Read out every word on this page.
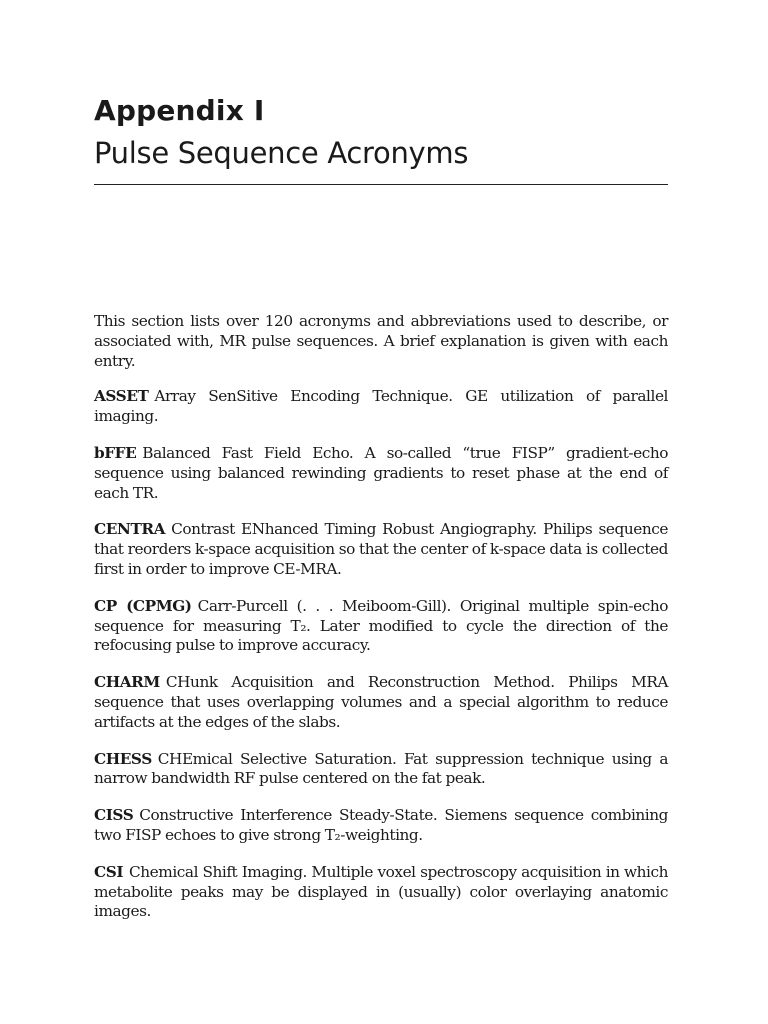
Appendix I
Pulse Sequence Acronyms

This section lists over 120 acronyms and abbreviations used to describe, or associated with, MR pulse sequences. A brief explanation is given with each entry.

ASSET Array SenSitive Encoding Technique. GE utilization of parallel imaging.

bFFE Balanced Fast Field Echo. A so-called “true FISP” gradient-echo sequence using balanced rewinding gradients to reset phase at the end of each TR.

CENTRA Contrast ENhanced Timing Robust Angiography. Philips sequence that reorders k-space acquisition so that the center of k-space data is collected first in order to improve CE-MRA.

CP (CPMG) Carr-Purcell (. . . Meiboom-Gill). Original multiple spin-echo sequence for measuring T₂. Later modified to cycle the direction of the refocusing pulse to improve accuracy.

CHARM CHunk Acquisition and Reconstruction Method. Philips MRA sequence that uses overlapping volumes and a special algorithm to reduce artifacts at the edges of the slabs.

CHESS CHEmical Selective Saturation. Fat suppression technique using a narrow bandwidth RF pulse centered on the fat peak.

CISS Constructive Interference Steady-State. Siemens sequence combining two FISP echoes to give strong T₂-weighting.

CSI Chemical Shift Imaging. Multiple voxel spectroscopy acquisition in which metabolite peaks may be displayed in (usually) color overlaying anatomic images.
